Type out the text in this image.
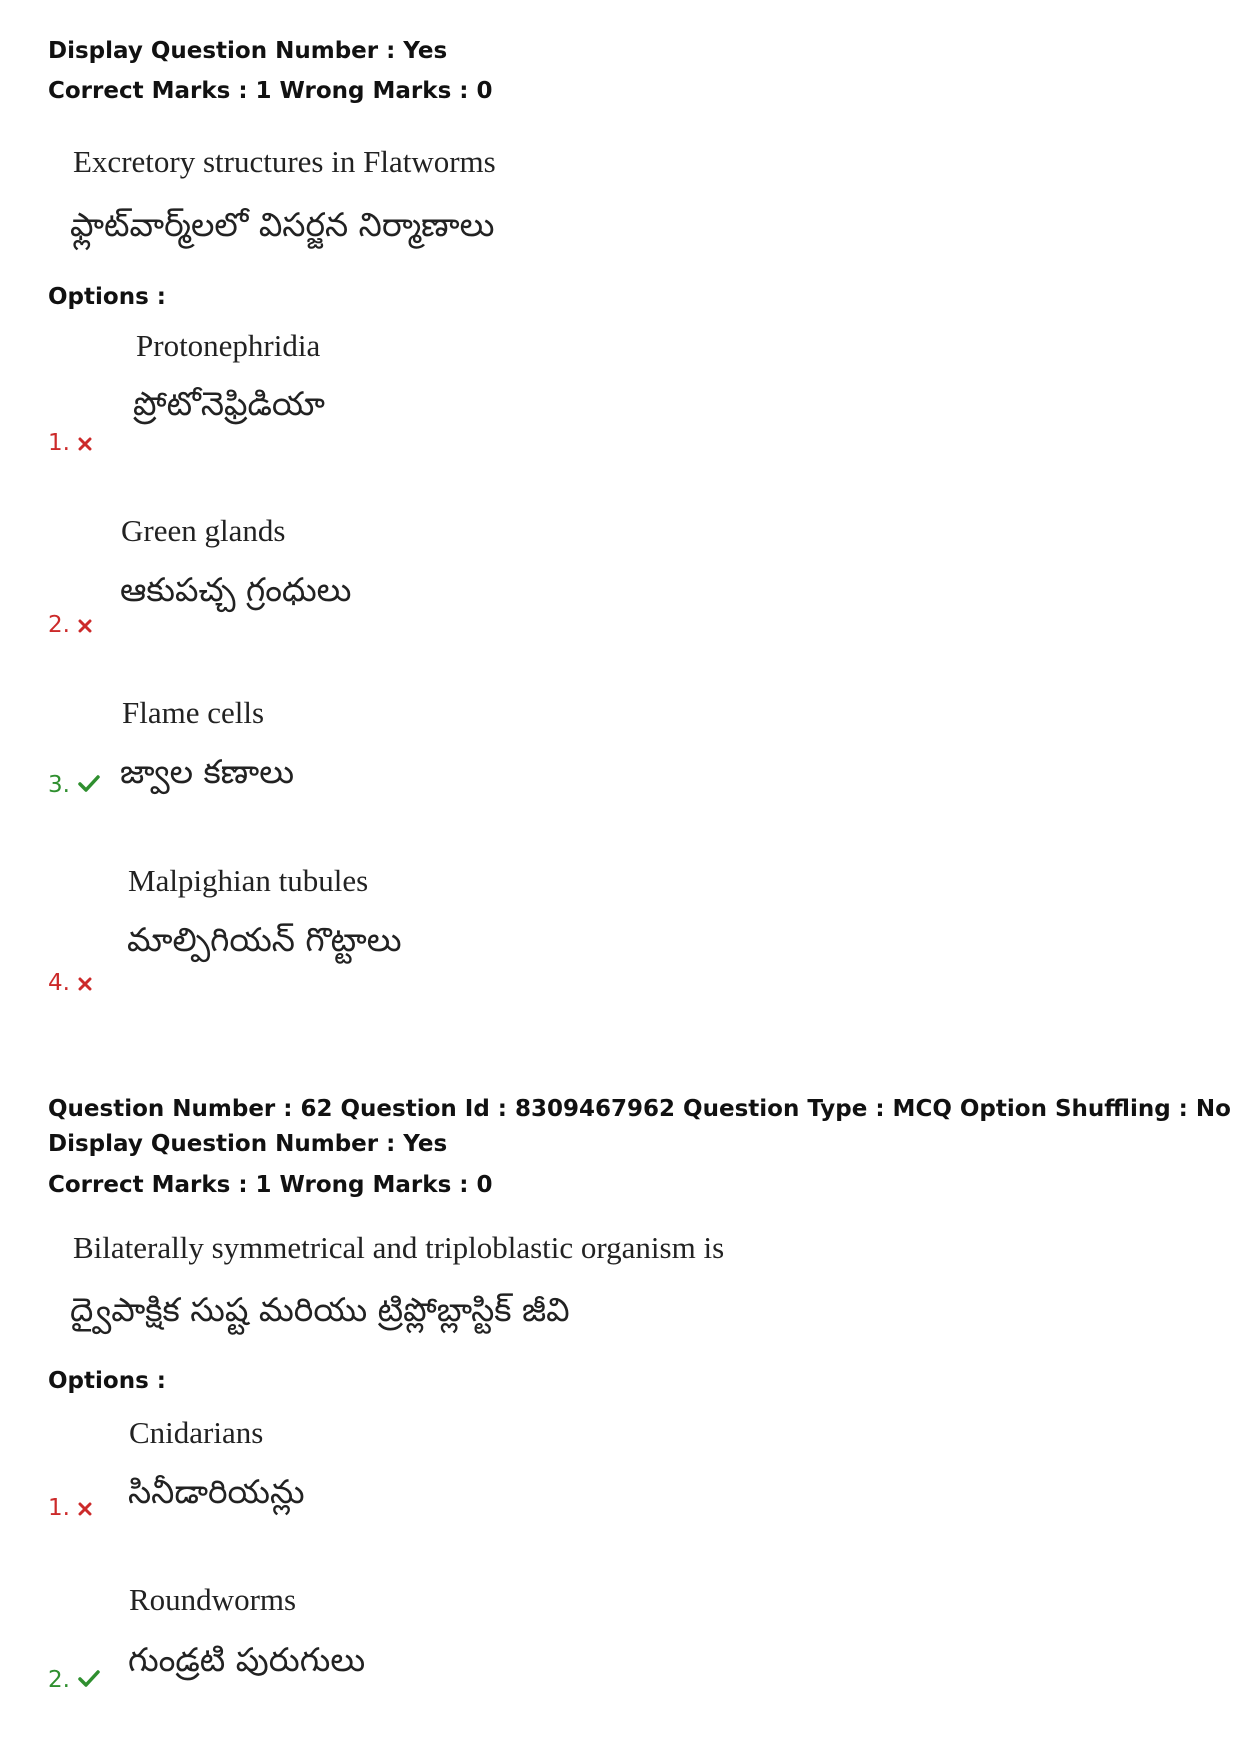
Display Question Number : Yes
Correct Marks : 1 Wrong Marks : 0
Excretory structures in Flatworms
ఫ్లాట్‌వార్మ్‌లలో విసర్జన నిర్మాణాలు
Options :
Protonephridia
ప్రోటోనెఫ్రిడియా
1.
Green glands
ఆకుపచ్చ గ్రంధులు
2.
Flame cells
జ్వాల కణాలు
3.
Malpighian tubules
మాల్పిగియన్ గొట్టాలు
4.
Question Number : 62 Question Id : 8309467962 Question Type : MCQ Option Shuffling : No
Display Question Number : Yes
Correct Marks : 1 Wrong Marks : 0
Bilaterally symmetrical and triploblastic organism is
ద్వైపాక్షిక సుష్ట మరియు ట్రిప్లోబ్లాస్టిక్ జీవి
Options :
Cnidarians
సినీడారియన్లు
1.
Roundworms
గుండ్రటి పురుగులు
2.
